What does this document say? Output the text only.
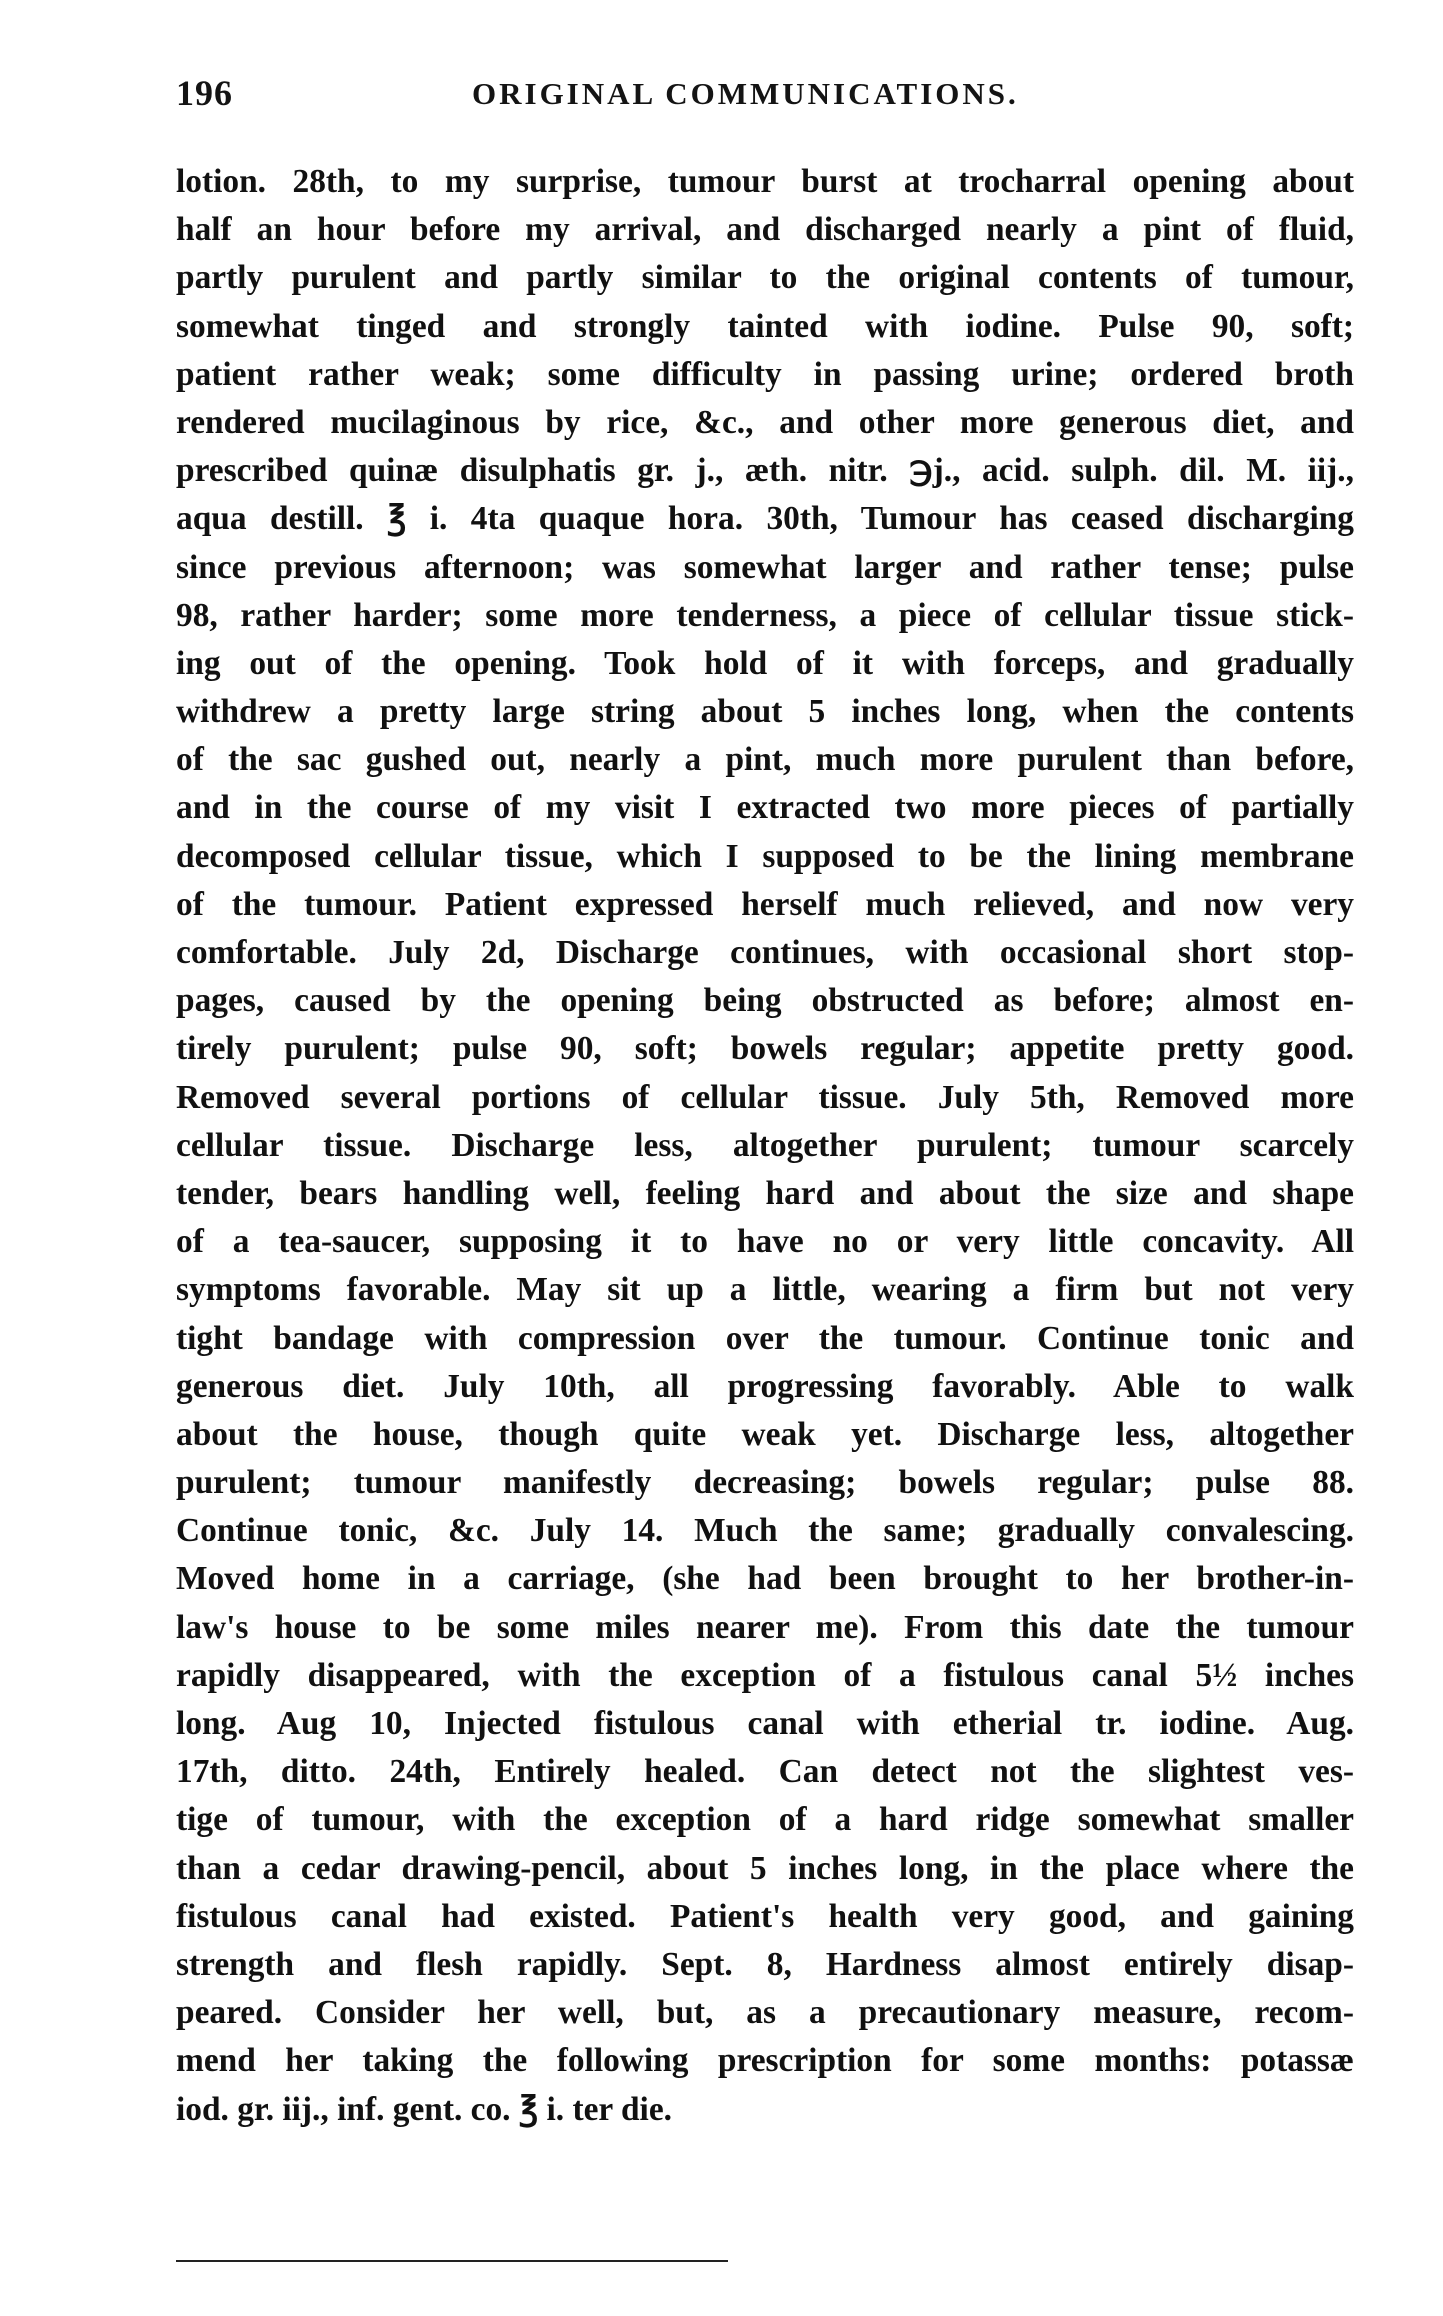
196	ORIGINAL COMMUNICATIONS.
lotion. 28th, to my surprise, tumour burst at trocharral opening about
half an hour before my arrival, and discharged nearly a pint of fluid,
partly purulent and partly similar to the original contents of tumour,
somewhat tinged and strongly tainted with iodine. Pulse 90, soft;
patient rather weak; some difficulty in passing urine; ordered broth
rendered mucilaginous by rice, &c., and other more generous diet, and
prescribed quinæ disulphatis gr. j., æth. nitr. ℈j., acid. sulph. dil. M. iij.,
aqua destill. ℥ i. 4ta quaque hora. 30th, Tumour has ceased discharging
since previous afternoon; was somewhat larger and rather tense; pulse
98, rather harder; some more tenderness, a piece of cellular tissue stick-
ing out of the opening. Took hold of it with forceps, and gradually
withdrew a pretty large string about 5 inches long, when the contents
of the sac gushed out, nearly a pint, much more purulent than before,
and in the course of my visit I extracted two more pieces of partially
decomposed cellular tissue, which I supposed to be the lining membrane
of the tumour. Patient expressed herself much relieved, and now very
comfortable. July 2d, Discharge continues, with occasional short stop-
pages, caused by the opening being obstructed as before; almost en-
tirely purulent; pulse 90, soft; bowels regular; appetite pretty good.
Removed several portions of cellular tissue. July 5th, Removed more
cellular tissue. Discharge less, altogether purulent; tumour scarcely
tender, bears handling well, feeling hard and about the size and shape
of a tea-saucer, supposing it to have no or very little concavity. All
symptoms favorable. May sit up a little, wearing a firm but not very
tight bandage with compression over the tumour. Continue tonic and
generous diet. July 10th, all progressing favorably. Able to walk
about the house, though quite weak yet. Discharge less, altogether
purulent; tumour manifestly decreasing; bowels regular; pulse 88.
Continue tonic, &c. July 14. Much the same; gradually convalescing.
Moved home in a carriage, (she had been brought to her brother-in-
law's house to be some miles nearer me). From this date the tumour
rapidly disappeared, with the exception of a fistulous canal 5½ inches
long. Aug 10, Injected fistulous canal with etherial tr. iodine. Aug.
17th, ditto. 24th, Entirely healed. Can detect not the slightest ves-
tige of tumour, with the exception of a hard ridge somewhat smaller
than a cedar drawing-pencil, about 5 inches long, in the place where the
fistulous canal had existed. Patient's health very good, and gaining
strength and flesh rapidly. Sept. 8, Hardness almost entirely disap-
peared. Consider her well, but, as a precautionary measure, recom-
mend her taking the following prescription for some months: potassæ
iod. gr. iij., inf. gent. co. ℥ i. ter die.
